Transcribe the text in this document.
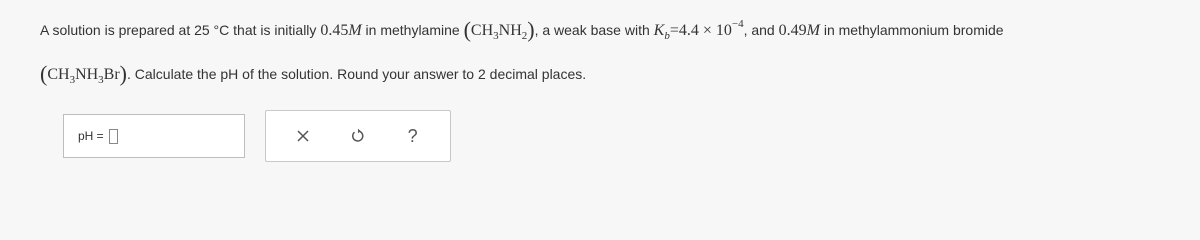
A solution is prepared at 25 °C that is initially 0.45M in methylamine $(CH_3NH_2)$, a weak base with $K_b=4.4 \times 10^{-4}$, and 0.49M in methylammonium bromide
$(CH_3NH_3Br)$. Calculate the pH of the solution. Round your answer to 2 decimal places.
pH =	?
